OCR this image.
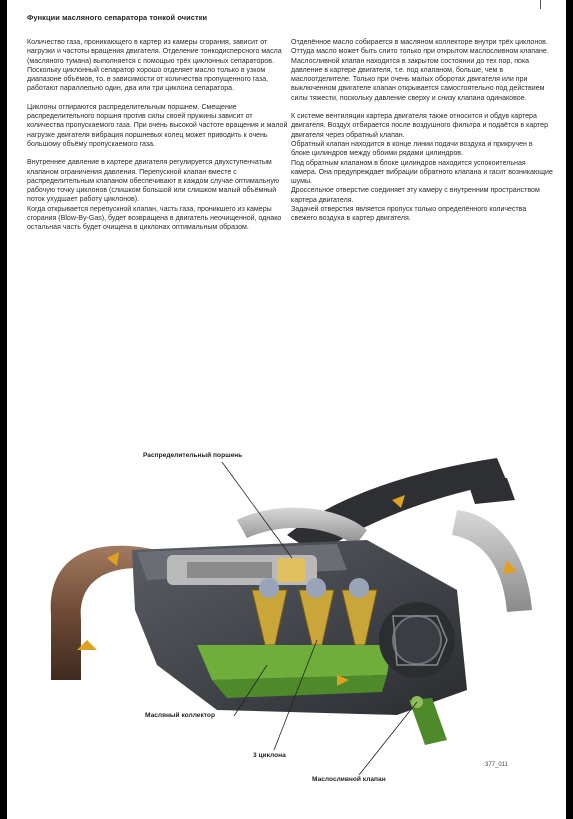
Функции масляного сепаратора тонкой очистки

Количество газа, проникающего в картер из камеры сгорания, зависит от нагрузки и частоты вращения двигателя. Отделение тонкодисперсного масла (масляного тумана) выполняется с помощью трёх циклонных сепараторов. Поскольку циклонный сепаратор хорошо отделяет масло только в узком диапазоне объёмов, то, в зависимости от количества пропущенного газа, работают параллельно один, два или три циклона сепаратора.

Циклоны отпираются распределительным поршнем. Смещение распределительного поршня против силы своей пружины зависит от количества пропускаемого газа. При очень высокой частоте вращения и малой нагрузке двигателя вибрация поршневых колец может приводить к очень большому объёму пропускаемого газа.

Внутреннее давление в картере двигателя регулируется двухступенчатым клапаном ограничения давления. Перепускной клапан вместе с распределительным клапаном обеспечивают в каждом случае оптимальную рабочую точку циклонов (слишком большой или слишком малый объёмный поток ухудшает работу циклонов).
Когда открывается перепускной клапан, часть газа, проникшего из камеры сгорания (Blow-By-Gas), будет возвращена в двигатель неочищенной, однако остальная часть будет очищена в циклонах оптимальным образом.

Отделённое масло собирается в масляном коллекторе внутри трёх циклонов. Оттуда масло может быть слито только при открытом маслосливном клапане. Маслосливной клапан находится в закрытом состоянии до тех пор, пока давление в картере двигателя, т.е. под клапаном, больше, чем в маслоотделителе. Только при очень малых оборотах двигателя или при выключенном двигателе клапан открывается самостоятельно под действием силы тяжести, поскольку давление сверху и снизу клапана одинаковое.

К системе вентиляции картера двигателя также относится и обдув картера двигателя. Воздух отбирается после воздушного фильтра и подаётся в картер двигателя через обратный клапан.
Обратный клапан находится в конце линии подачи воздуха и прикручен в блоке цилиндров между обоими рядами цилиндров.
Под обратным клапаном в блоке цилиндров находится успокоительная камера. Она предупреждает вибрации обратного клапана и гасит возникающие шумы.
Дроссельное отверстие соединяет эту камеру с внутренним пространством картера двигателя.
Задачей отверстия является пропуск только определённого количества свежего воздуха в картер двигателя.

Распределительный поршень
Масляный коллектор
3 циклона
Маслосливной клапан
377_011
